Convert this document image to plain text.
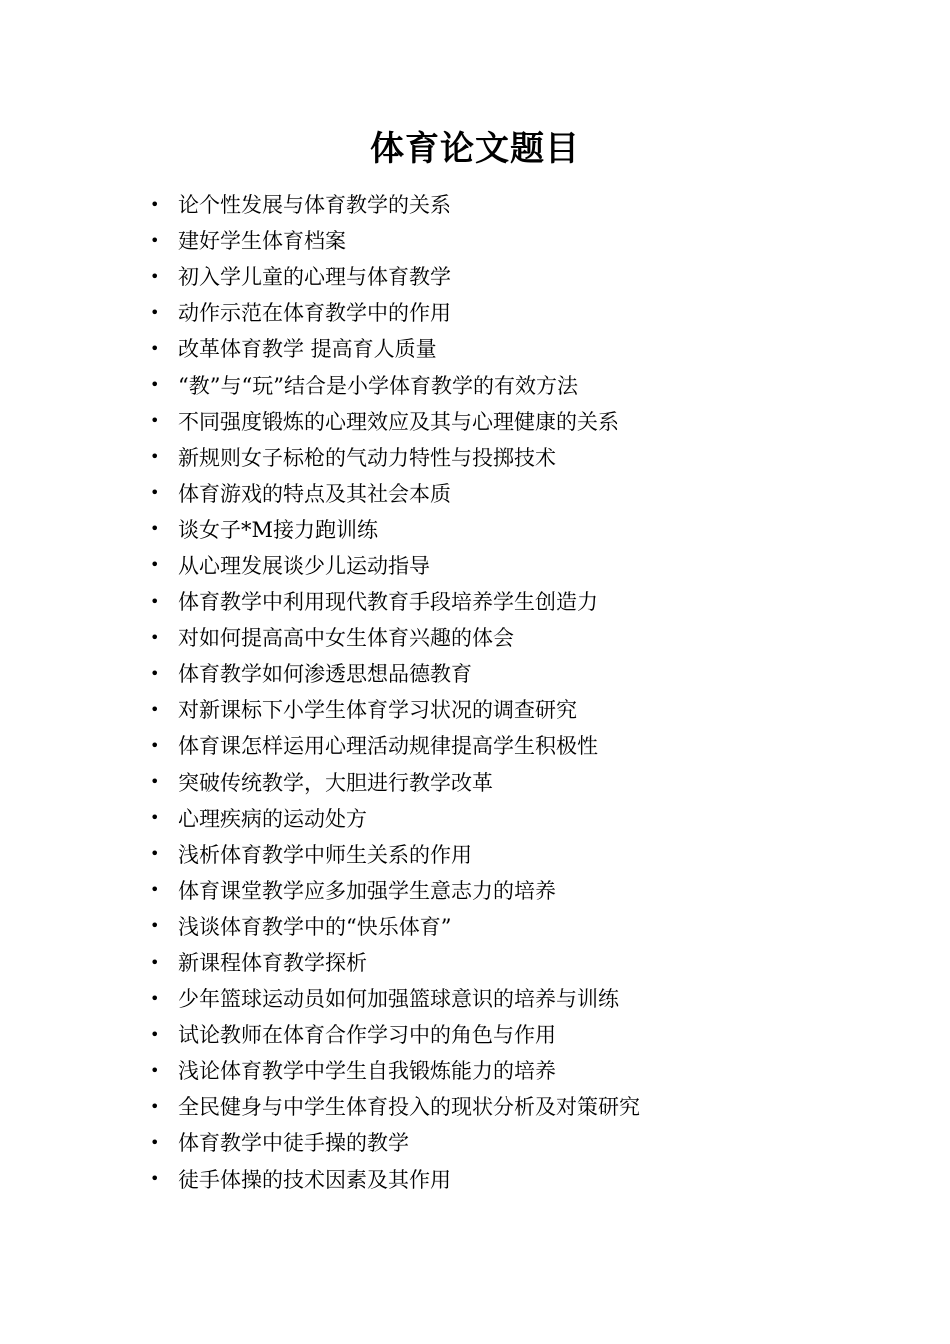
体育论文题目
• 论个性发展与体育教学的关系
• 建好学生体育档案
• 初入学儿童的心理与体育教学
• 动作示范在体育教学中的作用
• 改革体育教学 提高育人质量
• “教”与“玩”结合是小学体育教学的有效方法
• 不同强度锻炼的心理效应及其与心理健康的关系
• 新规则女子标枪的气动力特性与投掷技术
• 体育游戏的特点及其社会本质
• 谈女子*M接力跑训练
• 从心理发展谈少儿运动指导
• 体育教学中利用现代教育手段培养学生创造力
• 对如何提高高中女生体育兴趣的体会
• 体育教学如何渗透思想品德教育
• 对新课标下小学生体育学习状况的调查研究
• 体育课怎样运用心理活动规律提高学生积极性
• 突破传统教学，大胆进行教学改革
• 心理疾病的运动处方
• 浅析体育教学中师生关系的作用
• 体育课堂教学应多加强学生意志力的培养
• 浅谈体育教学中的“快乐体育”
• 新课程体育教学探析
• 少年篮球运动员如何加强篮球意识的培养与训练
• 试论教师在体育合作学习中的角色与作用
• 浅论体育教学中学生自我锻炼能力的培养
• 全民健身与中学生体育投入的现状分析及对策研究
• 体育教学中徒手操的教学
• 徒手体操的技术因素及其作用
